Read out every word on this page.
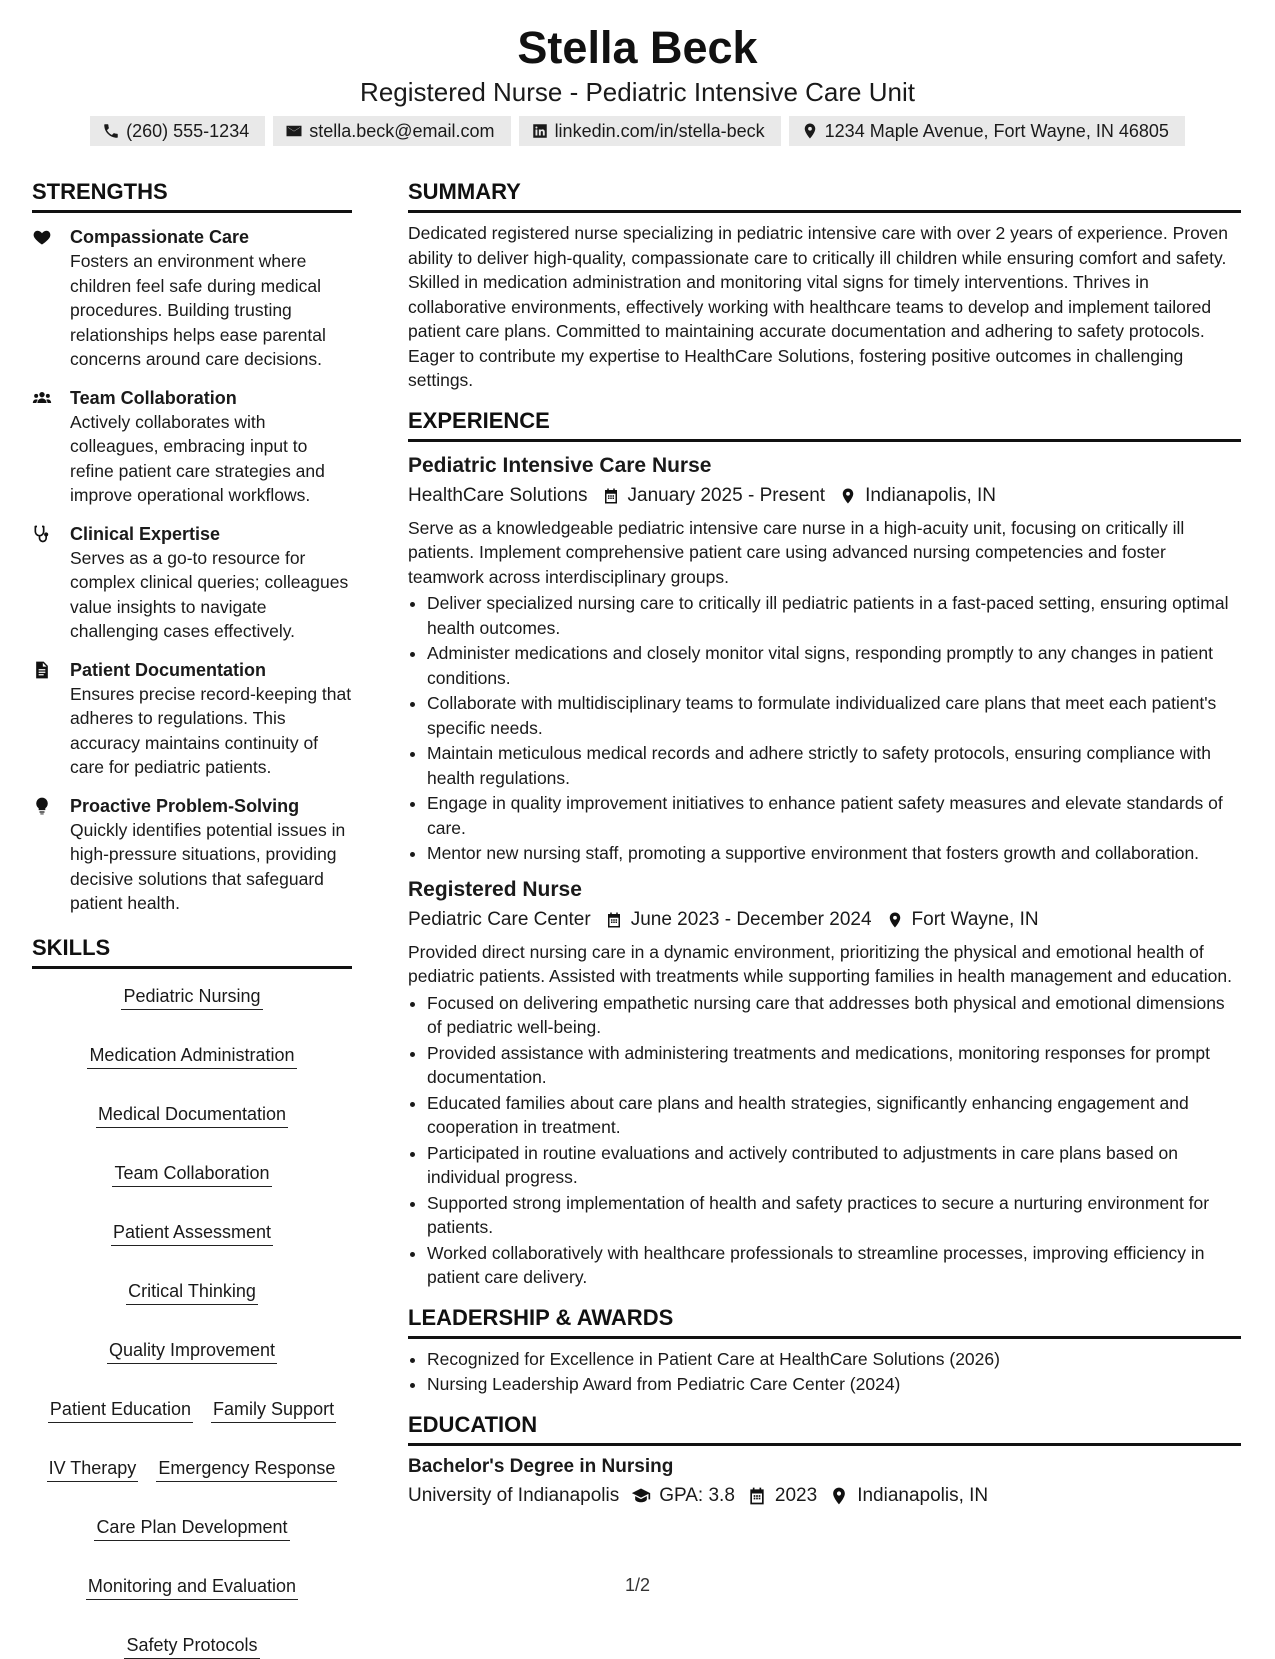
Stella Beck
Registered Nurse - Pediatric Intensive Care Unit
(260) 555-1234	stella.beck@email.com	linkedin.com/in/stella-beck	1234 Maple Avenue, Fort Wayne, IN 46805
STRENGTHS
Compassionate Care
Fosters an environment where children feel safe during medical procedures. Building trusting relationships helps ease parental concerns around care decisions.
Team Collaboration
Actively collaborates with colleagues, embracing input to refine patient care strategies and improve operational workflows.
Clinical Expertise
Serves as a go-to resource for complex clinical queries; colleagues value insights to navigate challenging cases effectively.
Patient Documentation
Ensures precise record-keeping that adheres to regulations. This accuracy maintains continuity of care for pediatric patients.
Proactive Problem-Solving
Quickly identifies potential issues in high-pressure situations, providing decisive solutions that safeguard patient health.
SKILLS
Pediatric Nursing
Medication Administration
Medical Documentation
Team Collaboration
Patient Assessment
Critical Thinking
Quality Improvement
Patient Education Family Support
IV Therapy Emergency Response
Care Plan Development
Monitoring and Evaluation
Safety Protocols
SUMMARY
Dedicated registered nurse specializing in pediatric intensive care with over 2 years of experience. Proven ability to deliver high-quality, compassionate care to critically ill children while ensuring comfort and safety. Skilled in medication administration and monitoring vital signs for timely interventions. Thrives in collaborative environments, effectively working with healthcare teams to develop and implement tailored patient care plans. Committed to maintaining accurate documentation and adhering to safety protocols. Eager to contribute my expertise to HealthCare Solutions, fostering positive outcomes in challenging settings.
EXPERIENCE
Pediatric Intensive Care Nurse
HealthCare Solutions January 2025 - Present Indianapolis, IN
Serve as a knowledgeable pediatric intensive care nurse in a high-acuity unit, focusing on critically ill patients. Implement comprehensive patient care using advanced nursing competencies and foster teamwork across interdisciplinary groups.
• Deliver specialized nursing care to critically ill pediatric patients in a fast-paced setting, ensuring optimal health outcomes.
• Administer medications and closely monitor vital signs, responding promptly to any changes in patient conditions.
• Collaborate with multidisciplinary teams to formulate individualized care plans that meet each patient's specific needs.
• Maintain meticulous medical records and adhere strictly to safety protocols, ensuring compliance with health regulations.
• Engage in quality improvement initiatives to enhance patient safety measures and elevate standards of care.
• Mentor new nursing staff, promoting a supportive environment that fosters growth and collaboration.
Registered Nurse
Pediatric Care Center June 2023 - December 2024 Fort Wayne, IN
Provided direct nursing care in a dynamic environment, prioritizing the physical and emotional health of pediatric patients. Assisted with treatments while supporting families in health management and education.
• Focused on delivering empathetic nursing care that addresses both physical and emotional dimensions of pediatric well-being.
• Provided assistance with administering treatments and medications, monitoring responses for prompt documentation.
• Educated families about care plans and health strategies, significantly enhancing engagement and cooperation in treatment.
• Participated in routine evaluations and actively contributed to adjustments in care plans based on individual progress.
• Supported strong implementation of health and safety practices to secure a nurturing environment for patients.
• Worked collaboratively with healthcare professionals to streamline processes, improving efficiency in patient care delivery.
LEADERSHIP & AWARDS
• Recognized for Excellence in Patient Care at HealthCare Solutions (2026)
• Nursing Leadership Award from Pediatric Care Center (2024)
EDUCATION
Bachelor's Degree in Nursing
University of Indianapolis GPA: 3.8 2023 Indianapolis, IN
1/2
